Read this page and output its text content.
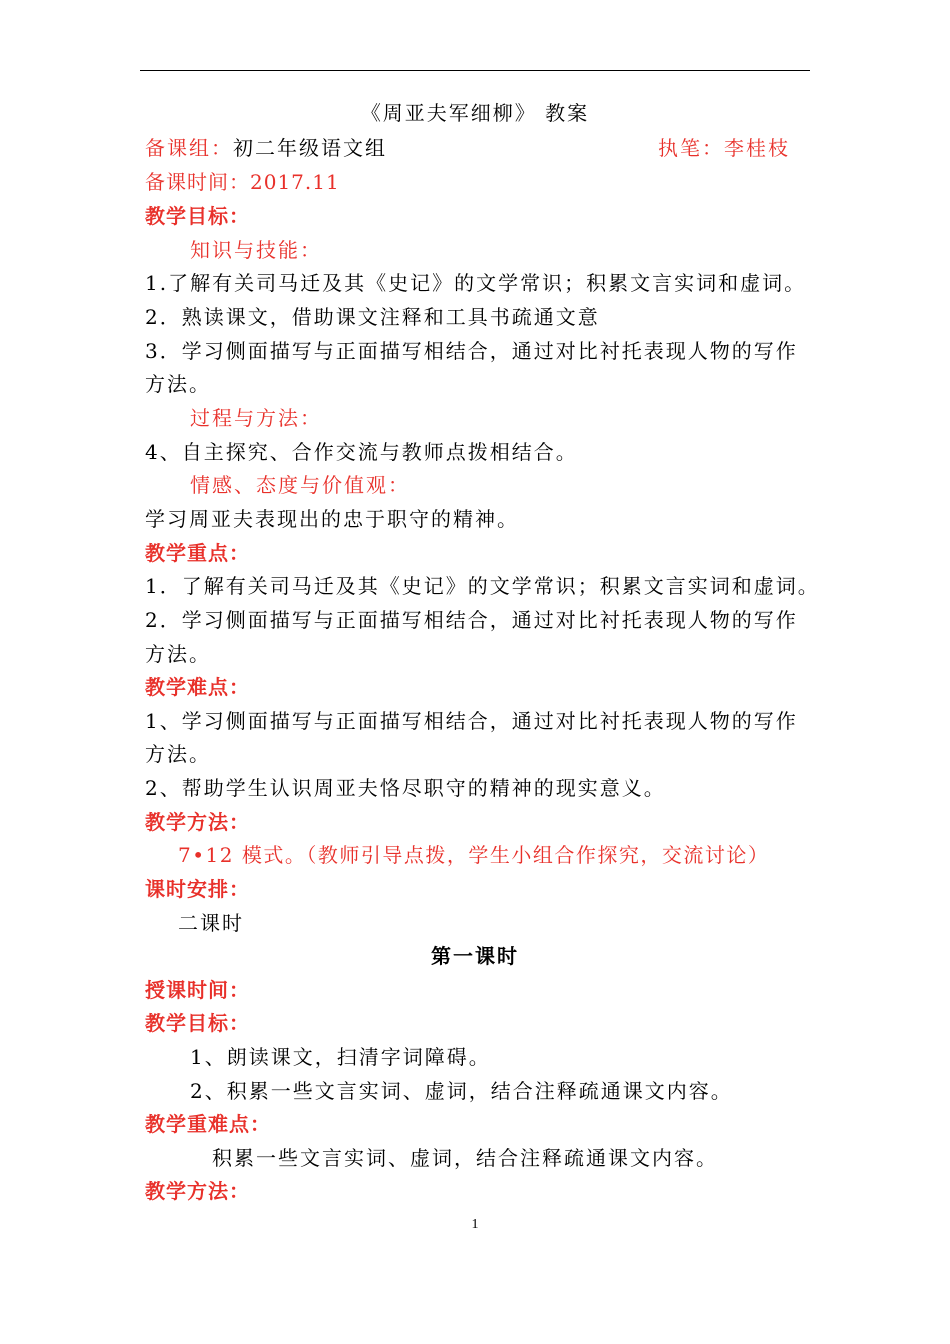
《周亚夫军细柳》 教案
备课组：初二年级语文组	执笔：李桂枝
备课时间：2017.11
教学目标：
知识与技能：
1.了解有关司马迁及其《史记》的文学常识；积累文言实词和虚词。
2．熟读课文，借助课文注释和工具书疏通文意
3．学习侧面描写与正面描写相结合，通过对比衬托表现人物的写作
方法。
过程与方法：
4、自主探究、合作交流与教师点拨相结合。
情感、态度与价值观：
学习周亚夫表现出的忠于职守的精神。
教学重点：
1．了解有关司马迁及其《史记》的文学常识；积累文言实词和虚词。
2．学习侧面描写与正面描写相结合，通过对比衬托表现人物的写作
方法。
教学难点：
1、学习侧面描写与正面描写相结合，通过对比衬托表现人物的写作
方法。
2、帮助学生认识周亚夫恪尽职守的精神的现实意义。
教学方法：
7•12 模式。（教师引导点拨，学生小组合作探究，交流讨论）
课时安排：
二课时
第一课时
授课时间：
教学目标：
1、朗读课文，扫清字词障碍。
2、积累一些文言实词、虚词，结合注释疏通课文内容。
教学重难点：
积累一些文言实词、虚词，结合注释疏通课文内容。
教学方法：
1
